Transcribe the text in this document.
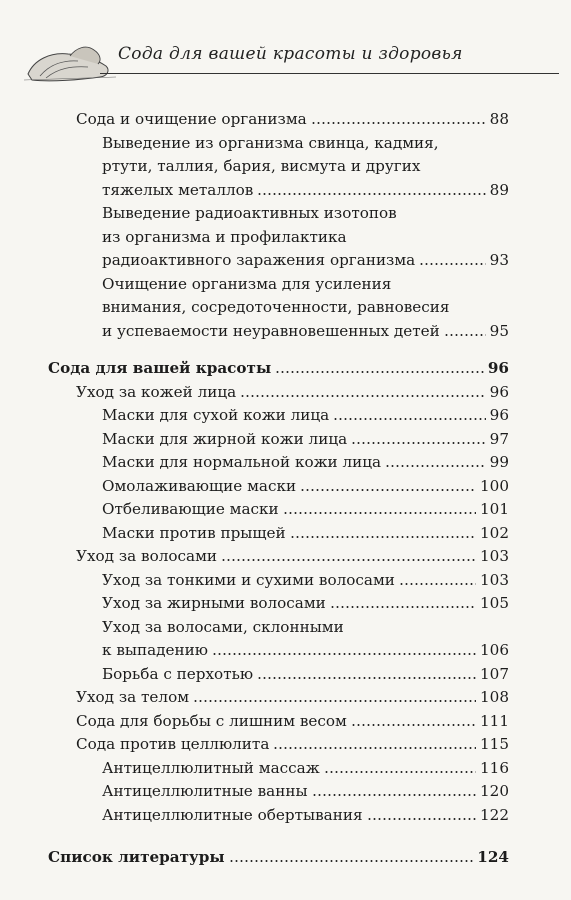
Сода для вашей красоты и здоровья
Сода и очищение организма	88
Выведение из организма свинца, кадмия,
ртути, таллия, бария, висмута и других
тяжелых металлов	89
Выведение радиоактивных изотопов
из организма и профилактика
радиоактивного заражения организма	93
Очищение организма для усиления
внимания, сосредоточенности, равновесия
и успеваемости неуравновешенных детей	95
Сода для вашей красоты	96
Уход за кожей лица	96
Маски для сухой кожи лица	96
Маски для жирной кожи лица	97
Маски для нормальной кожи лица	99
Омолаживающие маски	100
Отбеливающие маски	101
Маски против прыщей	102
Уход за волосами	103
Уход за тонкими и сухими волосами	103
Уход за жирными волосами	105
Уход за волосами, склонными
к выпадению	106
Борьба с перхотью	107
Уход за телом	108
Сода для борьбы с лишним весом	111
Сода против целлюлита	115
Антицеллюлитный массаж	116
Антицеллюлитные ванны	120
Антицеллюлитные обертывания	122
Список литературы	124
